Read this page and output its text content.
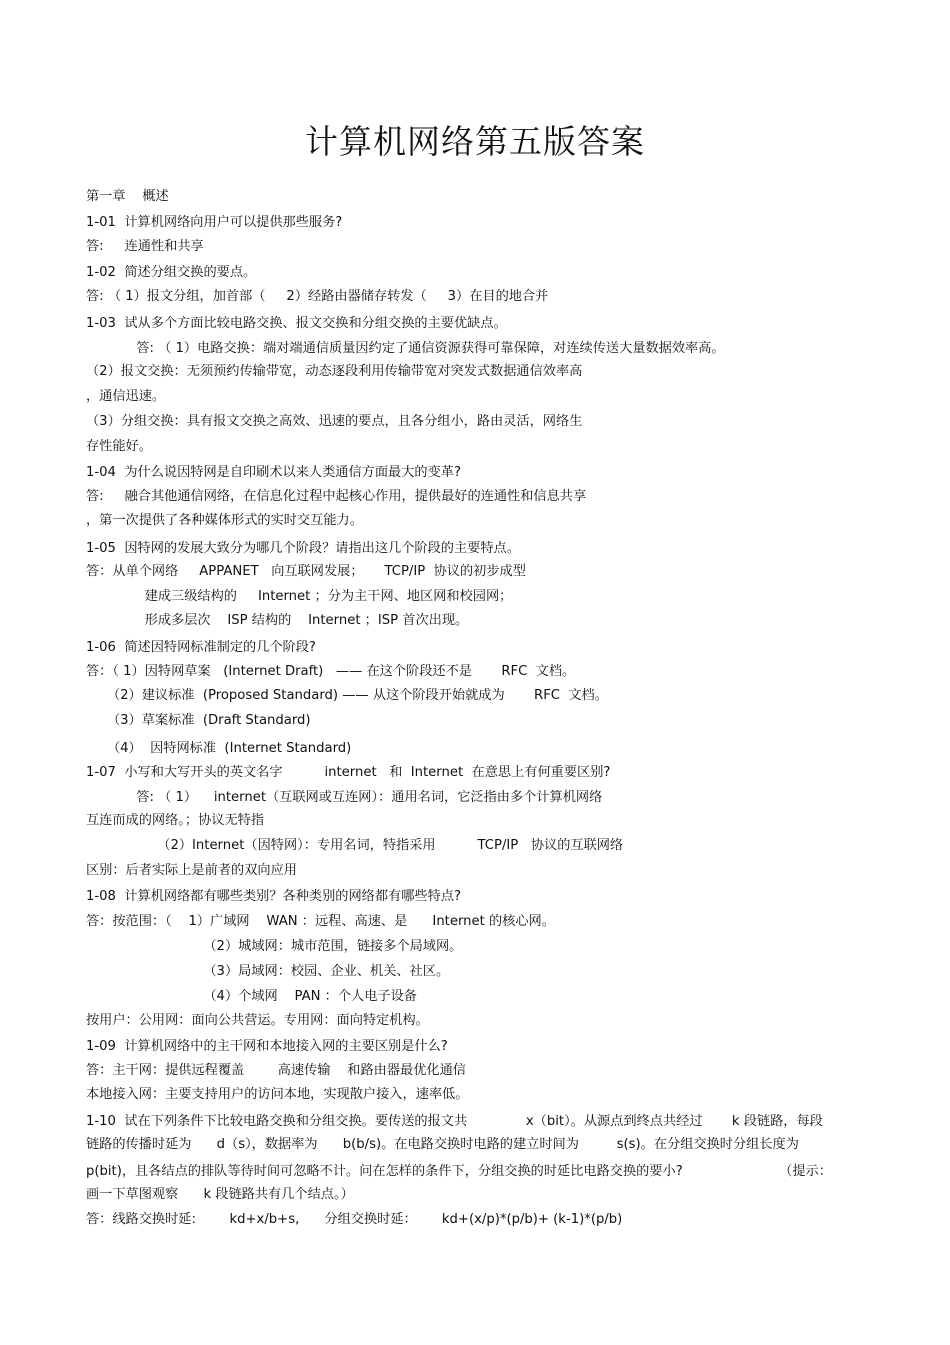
计算机网络第五版答案
第一章    概述
1-01  计算机网络向用户可以提供那些服务?
答:     连通性和共享
1-02  简述分组交换的要点。
答: （ 1）报文分组，加首部（     2）经路由器储存转发（     3）在目的地合并
1-03  试从多个方面比较电路交换、报文交换和分组交换的主要优缺点。
答: （ 1）电路交换：端对端通信质量因约定了通信资源获得可靠保障，对连续传送大量数据效率高。
（2）报文交换：无须预约传输带宽，动态逐段利用传输带宽对突发式数据通信效率高
，通信迅速。
（3）分组交换：具有报文交换之高效、迅速的要点，且各分组小，路由灵活，网络生
存性能好。
1-04  为什么说因特网是自印刷术以来人类通信方面最大的变革?
答:     融合其他通信网络，在信息化过程中起核心作用，提供最好的连通性和信息共享
，第一次提供了各种媒体形式的实时交互能力。
1-05  因特网的发展大致分为哪几个阶段？请指出这几个阶段的主要特点。
答：从单个网络     APPANET   向互联网发展；     TCP/IP  协议的初步成型
建成三级结构的     Internet ；分为主干网、地区网和校园网；
形成多层次    ISP 结构的    Internet ；ISP 首次出现。
1-06  简述因特网标准制定的几个阶段?
答：（ 1）因特网草案   (Internet Draft)   —— 在这个阶段还不是       RFC  文档。
（2）建议标准  (Proposed Standard) —— 从这个阶段开始就成为       RFC  文档。
（3）草案标准  (Draft Standard)
（4）  因特网标准  (Internet Standard)
1-07  小写和大写开头的英文名字          internet   和  Internet  在意思上有何重要区别?
答: （ 1）    internet（互联网或互连网）：通用名词，它泛指由多个计算机网络
互连而成的网络。；协议无特指
（2）Internet（因特网）：专用名词，特指采用          TCP/IP   协议的互联网络
区别：后者实际上是前者的双向应用
1-08  计算机网络都有哪些类别？各种类别的网络都有哪些特点?
答：按范围：（    1）广域网    WAN ：远程、高速、是      Internet 的核心网。
（2）城域网：城市范围，链接多个局域网。
（3）局域网：校园、企业、机关、社区。
（4）个域网    PAN ：个人电子设备
按用户：公用网：面向公共营运。专用网：面向特定机构。
1-09  计算机网络中的主干网和本地接入网的主要区别是什么?
答：主干网：提供远程覆盖        高速传输    和路由器最优化通信
本地接入网：主要支持用户的访问本地，实现散户接入，速率低。
1-10  试在下列条件下比较电路交换和分组交换。要传送的报文共              x（bit）。从源点到终点共经过       k 段链路，每段
链路的传播时延为      d（s），数据率为      b(b/s)。在电路交换时电路的建立时间为         s(s)。在分组交换时分组长度为
p(bit)，且各结点的排队等待时间可忽略不计。问在怎样的条件下，分组交换的时延比电路交换的要小?                       （提示：
画一下草图观察      k 段链路共有几个结点。）
答：线路交换时延:        kd+x/b+s,      分组交换时延：      kd+(x/p)*(p/b)+ (k-1)*(p/b)
